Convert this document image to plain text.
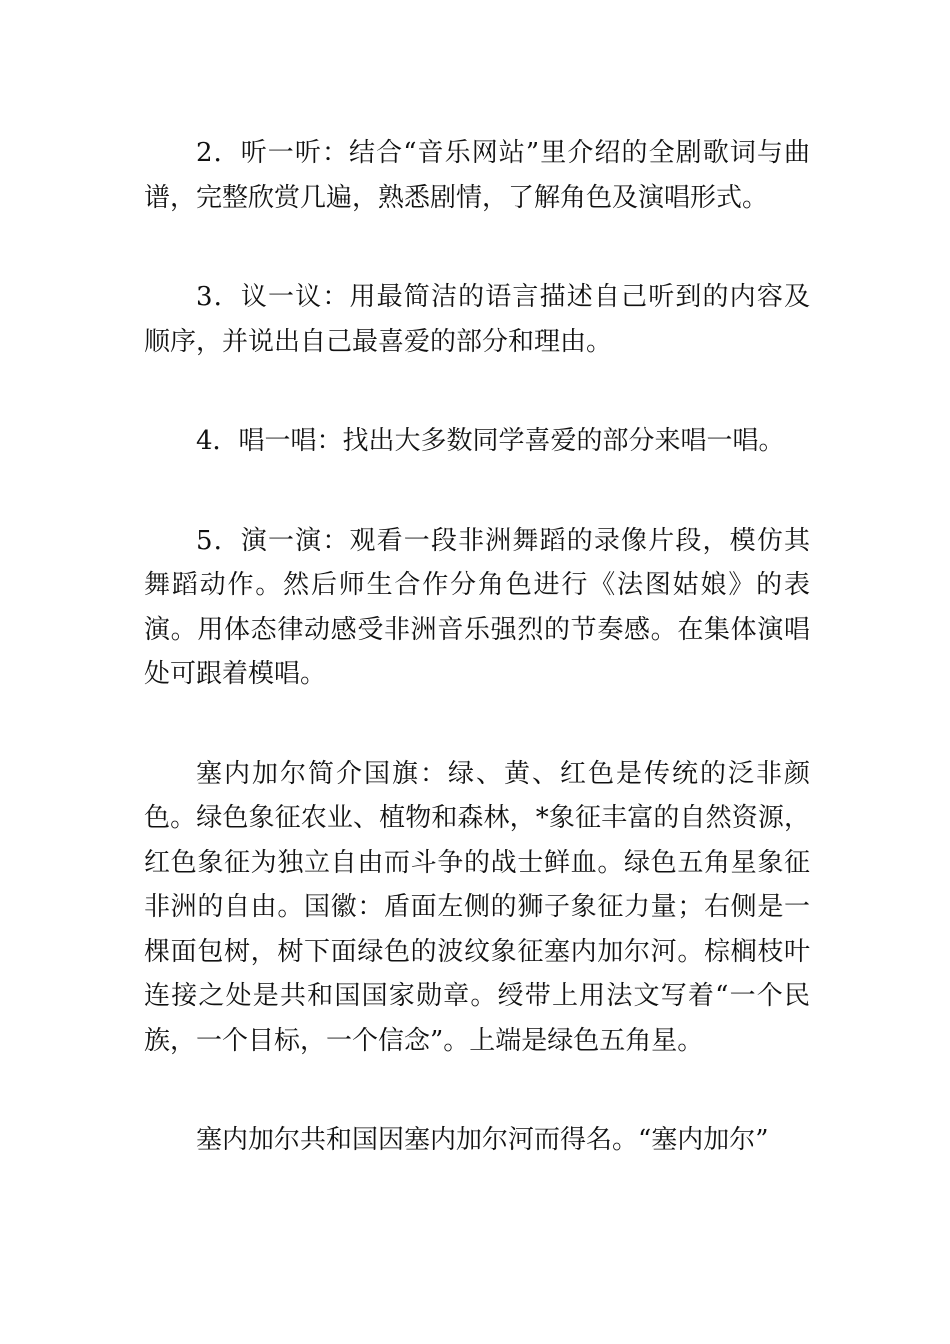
2．听一听：结合“音乐网站”里介绍的全剧歌词与曲谱，完整欣赏几遍，熟悉剧情，了解角色及演唱形式。

3．议一议：用最简洁的语言描述自己听到的内容及顺序，并说出自己最喜爱的部分和理由。

4．唱一唱：找出大多数同学喜爱的部分来唱一唱。

5．演一演：观看一段非洲舞蹈的录像片段，模仿其舞蹈动作。然后师生合作分角色进行《法图姑娘》的表演。用体态律动感受非洲音乐强烈的节奏感。在集体演唱处可跟着模唱。

塞内加尔简介国旗：绿、黄、红色是传统的泛非颜色。绿色象征农业、植物和森林，*象征丰富的自然资源，红色象征为独立自由而斗争的战士鲜血。绿色五角星象征非洲的自由。国徽：盾面左侧的狮子象征力量；右侧是一棵面包树，树下面绿色的波纹象征塞内加尔河。棕榈枝叶连接之处是共和国国家勋章。绶带上用法文写着“一个民族，一个目标，一个信念”。上端是绿色五角星。

塞内加尔共和国因塞内加尔河而得名。“塞内加尔”
